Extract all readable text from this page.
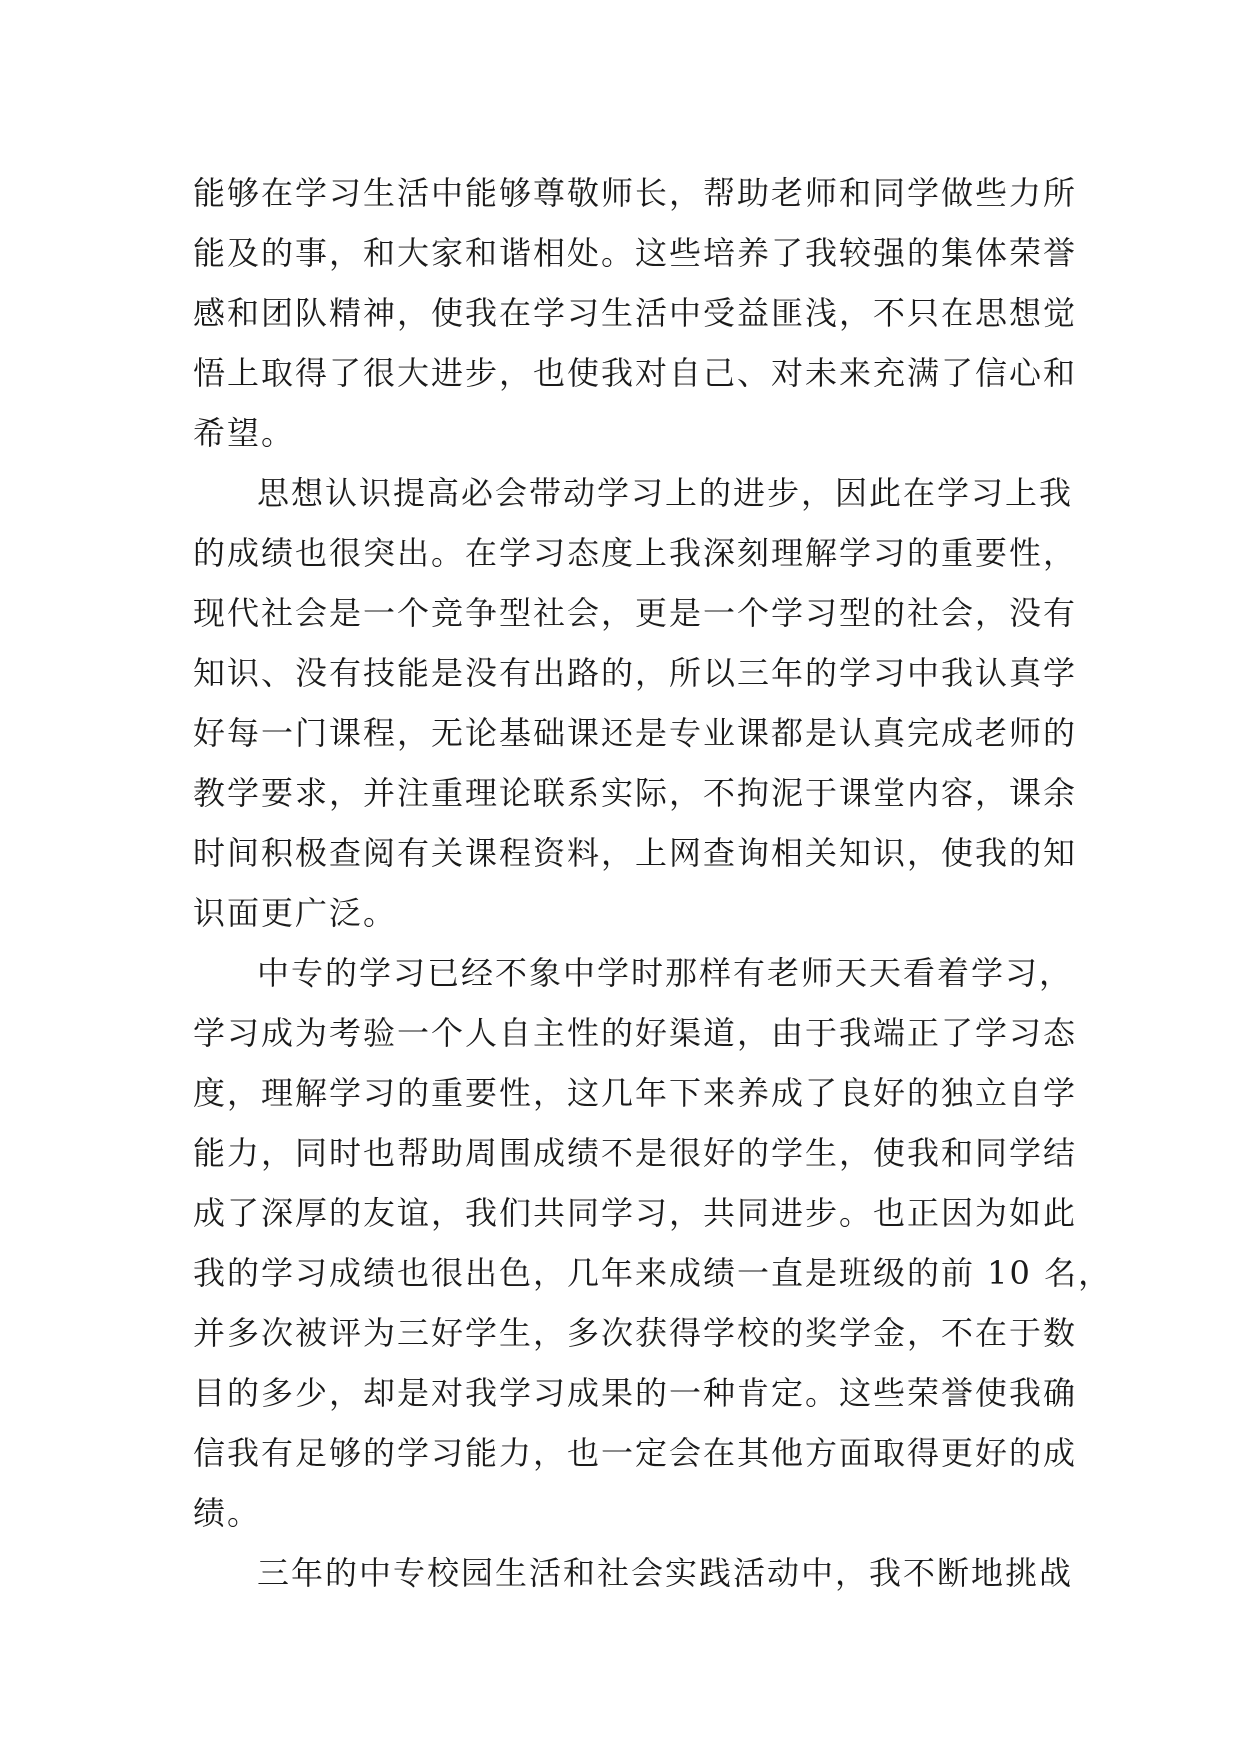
能够在学习生活中能够尊敬师长，帮助老师和同学做些力所
能及的事，和大家和谐相处。这些培养了我较强的集体荣誉
感和团队精神，使我在学习生活中受益匪浅，不只在思想觉
悟上取得了很大进步，也使我对自己、对未来充满了信心和
希望。
思想认识提高必会带动学习上的进步，因此在学习上我
的成绩也很突出。在学习态度上我深刻理解学习的重要性，
现代社会是一个竞争型社会，更是一个学习型的社会，没有
知识、没有技能是没有出路的，所以三年的学习中我认真学
好每一门课程，无论基础课还是专业课都是认真完成老师的
教学要求，并注重理论联系实际，不拘泥于课堂内容，课余
时间积极查阅有关课程资料，上网查询相关知识，使我的知
识面更广泛。
中专的学习已经不象中学时那样有老师天天看着学习，
学习成为考验一个人自主性的好渠道，由于我端正了学习态
度，理解学习的重要性，这几年下来养成了良好的独立自学
能力，同时也帮助周围成绩不是很好的学生，使我和同学结
成了深厚的友谊，我们共同学习，共同进步。也正因为如此
我的学习成绩也很出色，几年来成绩一直是班级的前 10 名，
并多次被评为三好学生，多次获得学校的奖学金，不在于数
目的多少，却是对我学习成果的一种肯定。这些荣誉使我确
信我有足够的学习能力，也一定会在其他方面取得更好的成
绩。
三年的中专校园生活和社会实践活动中，我不断地挑战
